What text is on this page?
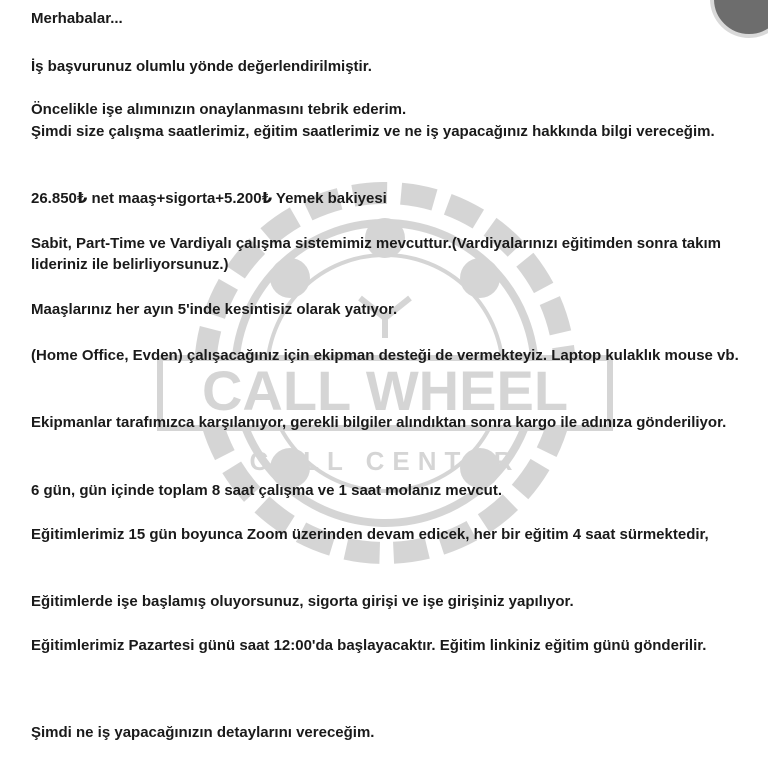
CALL WHEEL
CALL CENTER

Merhabalar...

İş başvurunuz olumlu yönde değerlendirilmiştir.

Öncelikle işe alımınızın onaylanmasını tebrik ederim.

Şimdi size çalışma saatlerimiz, eğitim saatlerimiz ve ne iş yapacağınız hakkında bilgi vereceğim.

26.850₺ net maaş+sigorta+5.200₺ Yemek bakiyesi

Sabit, Part-Time ve Vardiyalı çalışma sistemimiz mevcuttur.(Vardiyalarınızı eğitimden sonra takım lideriniz ile belirliyorsunuz.)

Maaşlarınız her ayın 5'inde kesintisiz olarak yatıyor.

(Home Office, Evden) çalışacağınız için ekipman desteği de vermekteyiz. Laptop kulaklık mouse vb.

Ekipmanlar tarafımızca karşılanıyor, gerekli bilgiler alındıktan sonra kargo ile adınıza gönderiliyor.

6 gün, gün içinde toplam 8 saat çalışma ve 1 saat molanız mevcut.

Eğitimlerimiz 15 gün boyunca Zoom üzerinden devam edicek, her bir eğitim 4 saat sürmektedir,

Eğitimlerde işe başlamış oluyorsunuz, sigorta girişi ve işe girişiniz yapılıyor.

Eğitimlerimiz Pazartesi günü saat 12:00'da başlayacaktır. Eğitim linkiniz eğitim günü gönderilir.

Şimdi ne iş yapacağınızın detaylarını vereceğim.
